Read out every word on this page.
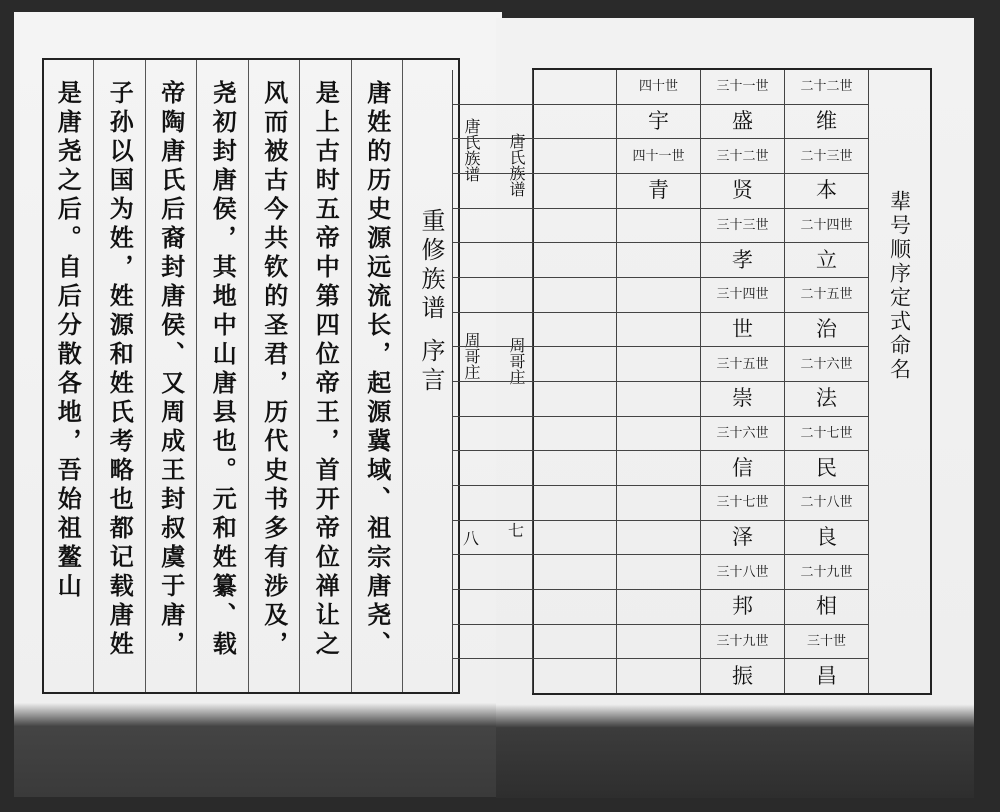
重修族谱
序言
唐姓的历史源远流长，起源冀域、祖宗唐尧、
是上古时五帝中第四位帝王，首开帝位禅让之
风而被古今共钦的圣君，历代史书多有涉及，
尧初封唐侯，其地中山唐县也。元和姓纂、载
帝陶唐氏后裔封唐侯、又周成王封叔虞于唐，
子孙以国为姓，姓源和姓氏考略也都记载唐姓
是唐尧之后。自后分散各地，吾始祖鳌山	唐氏族谱
周哥庄
八
唐氏族谱
周哥庄
七
辈号顺序定式命名
二十二世
维
二十三世
本
二十四世
立
二十五世
治
二十六世
法
二十七世
民
二十八世
良
二十九世
相
三十世
昌
三十一世
盛
三十二世
贤
三十三世
孝
三十四世
世
三十五世
崇
三十六世
信
三十七世
泽
三十八世
邦
三十九世
振
四十世
宇
四十一世
青
